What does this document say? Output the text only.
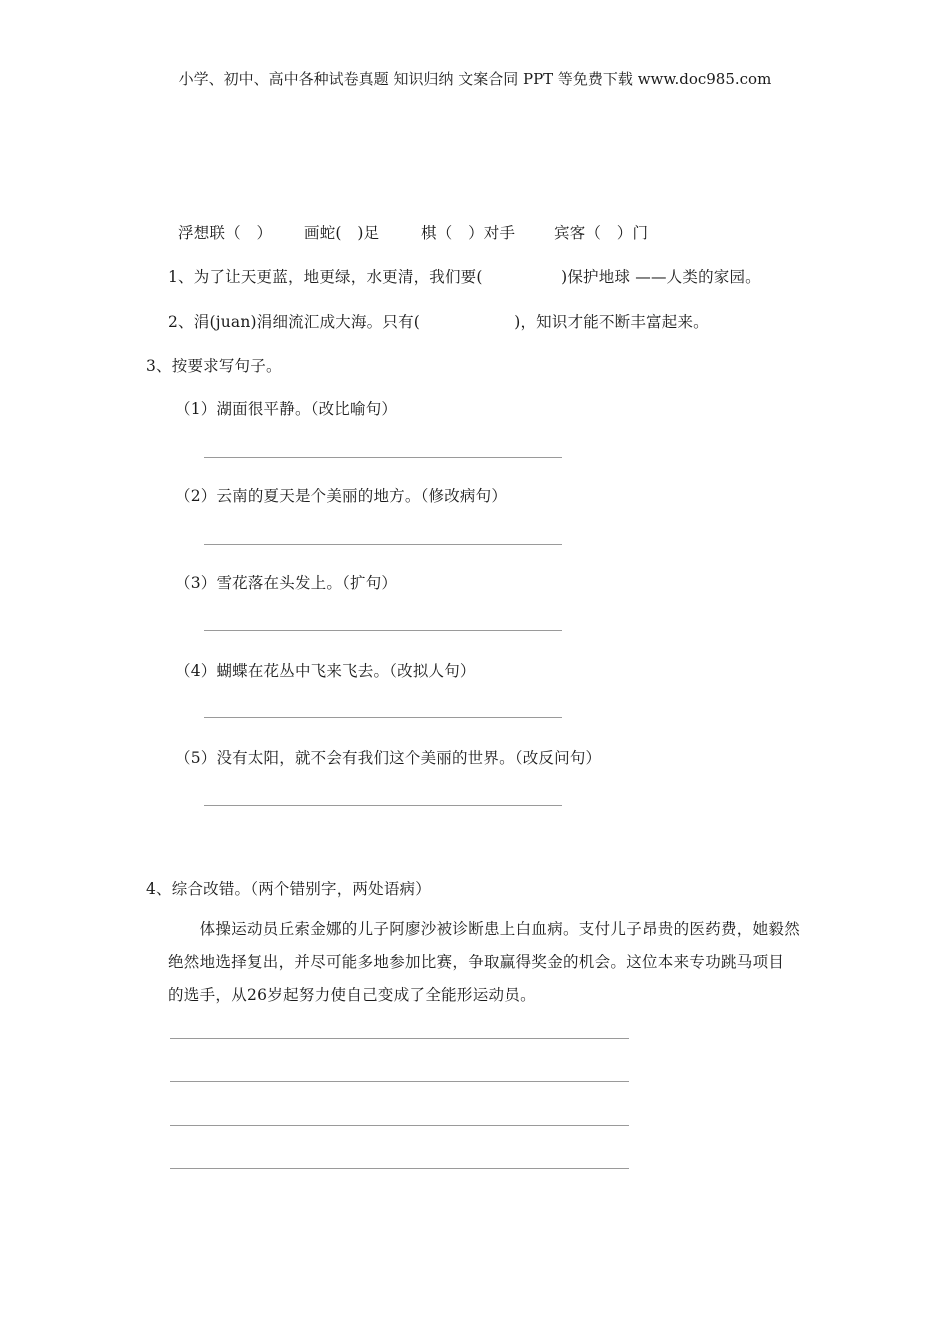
小学、初中、高中各种试卷真题 知识归纳 文案合同 PPT 等免费下载 www.doc985.com
浮想联（　） 画蛇(　)足	棋（　）对手	宾客（　）门
1、为了让天更蓝，地更绿，水更清，我们要(　　　　　)保护地球 ——人类的家园。
2、涓(juan)涓细流汇成大海。只有(　　　　　　)，知识才能不断丰富起来。
3、按要求写句子。
（1）湖面很平静。（改比喻句）
（2）云南的夏天是个美丽的地方。（修改病句）
（3）雪花落在头发上。（扩句）
（4）蝴蝶在花丛中飞来飞去。（改拟人句）
（5）没有太阳，就不会有我们这个美丽的世界。（改反问句）
4、综合改错。（两个错别字，两处语病）
　　体操运动员丘索金娜的儿子阿廖沙被诊断患上白血病。支付儿子昂贵的医药费，她毅然
绝然地选择复出，并尽可能多地参加比赛，争取赢得奖金的机会。这位本来专功跳马项目
的选手，从26岁起努力使自己变成了全能形运动员。
